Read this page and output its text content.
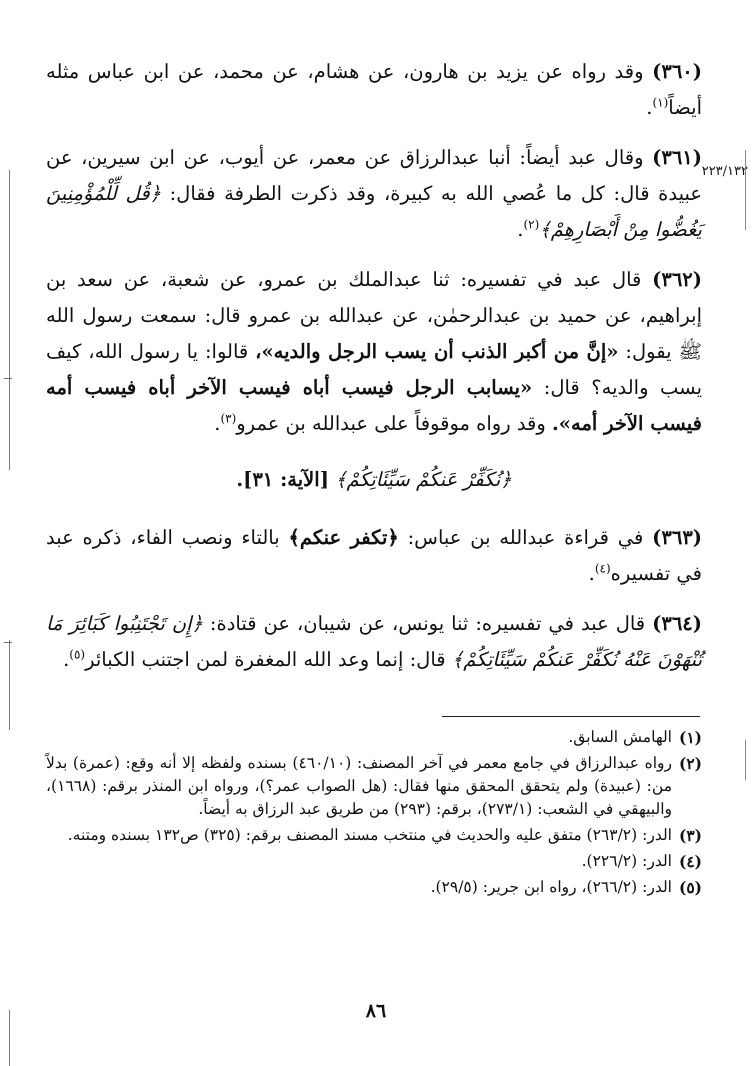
٢٢٣/١٣٢

(٣٦٠) وقد رواه عن يزيد بن هارون، عن هشام، عن محمد، عن ابن عباس مثله أيضاً$^{(١)}$.

(٣٦١) وقال عبد أيضاً: أنبا عبدالرزاق عن معمر، عن أيوب، عن ابن سيرين، عن عبيدة قال: كل ما عُصي الله به كبيرة، وقد ذكرت الطرفة فقال: ﴿قُل لِّلْمُؤْمِنِينَ يَغُضُّوا مِنْ أَبْصَارِهِمْ﴾$^{(٢)}$.

(٣٦٢) قال عبد في تفسيره: ثنا عبدالملك بن عمرو، عن شعبة، عن سعد بن إبراهيم، عن حميد بن عبدالرحمٰن، عن عبدالله بن عمرو قال: سمعت رسول الله ﷺ يقول: «إنَّ من أكبر الذنب أن يسب الرجل والديه»، قالوا: يا رسول الله، كيف يسب والديه؟ قال: «يسابب الرجل فيسب أباه فيسب الآخر أباه فيسب أمه فيسب الآخر أمه». وقد رواه موقوفاً على عبدالله بن عمرو$^{(٣)}$.

﴿نُكَفِّرْ عَنكُمْ سَيِّئَاتِكُمْ﴾ [الآية: ٣١].

(٣٦٣) في قراءة عبدالله بن عباس: ﴿تكفر عنكم﴾ بالتاء ونصب الفاء، ذكره عبد في تفسيره$^{(٤)}$.

(٣٦٤) قال عبد في تفسيره: ثنا يونس، عن شيبان، عن قتادة: ﴿إِن تَجْتَنِبُوا كَبَائِرَ مَا تُنْهَوْنَ عَنْهُ نُكَفِّرْ عَنكُمْ سَيِّئَاتِكُمْ﴾ قال: إنما وعد الله المغفرة لمن اجتنب الكبائر$^{(٥)}$.

(١)
الهامش السابق.
(٢)
رواه عبدالرزاق في جامع معمر في آخر المصنف: (٤٦٠/١٠) بسنده ولفظه إلا أنه وقع: (عمرة) بدلاً من: (عبيدة) ولم يتحقق المحقق منها فقال: (هل الصواب عمر؟)، ورواه ابن المنذر برقم: (١٦٦٨)، والبيهقي في الشعب: (٢٧٣/١)، برقم: (٢٩٣) من طريق عبد الرزاق به أيضاً.
(٣)
الدر: (٢٦٣/٢) متفق عليه والحديث في منتخب مسند المصنف برقم: (٣٢٥) ص١٣٢ بسنده ومتنه.
(٤)
الدر: (٢٢٦/٢).
(٥)
الدر: (٢٦٦/٢)، رواه ابن جرير: (٢٩/٥).
٨٦
